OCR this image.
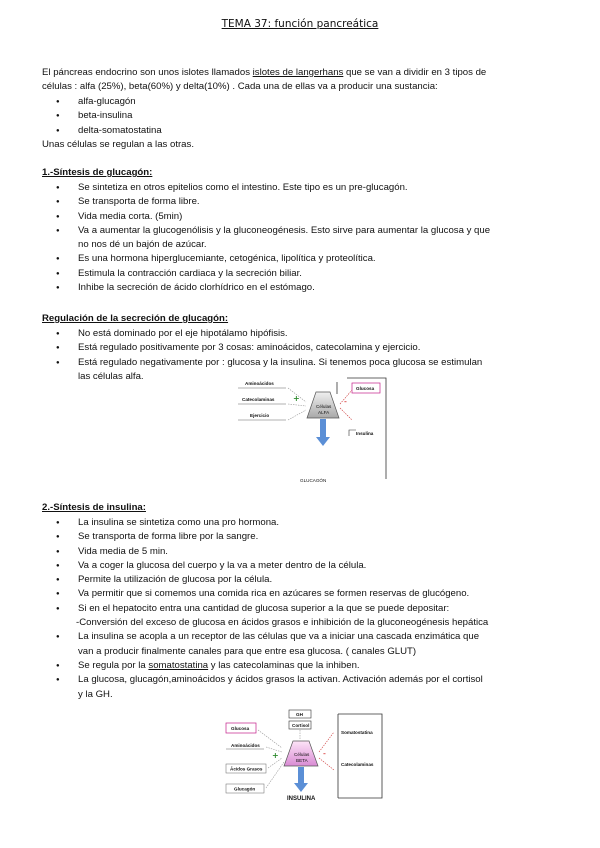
TEMA 37: función pancreática
El páncreas endocrino son unos islotes llamados islotes de langerhans que se van a dividir en 3 tipos de
células : alfa (25%), beta(60%) y delta(10%) . Cada una de ellas va a producir una sustancia:
● alfa-glucagón
● beta-insulina
● delta-somatostatina
Unas células se regulan a las otras.
1.-Síntesis de glucagón:
● Se sintetiza en otros epitelios como el intestino. Este tipo es un pre-glucagón.
● Se transporta de forma libre.
● Vida media corta. (5min)
● Va a aumentar la glucogenólisis y la gluconeogénesis. Esto sirve para aumentar la glucosa y que
no nos dé un bajón de azúcar.
● Es una hormona hiperglucemiante, cetogénica, lipolítica y proteolítica.
● Estimula la contracción cardiaca y la secreción biliar.
● Inhibe la secreción de ácido clorhídrico en el estómago.
Regulación de la secreción de glucagón:
● No está dominado por el eje hipotálamo hipófisis.
● Está regulado positivamente por 3 cosas: aminoácidos, catecolamina y ejercicio.
● Está regulado negativamente por : glucosa y la insulina. Si tenemos poca glucosa se estimulan
las células alfa.
Aminoácidos
Catecolaminas
Ejercicio
+
Células
ALFA
-
Glucosa
Insulina
GLUCAGÓN
2.-Síntesis de insulina:
● La insulina se sintetiza como una pro hormona.
● Se transporta de forma libre por la sangre.
● Vida media de 5 min.
● Va a coger la glucosa del cuerpo y la va a meter dentro de la célula.
● Permite la utilización de glucosa por la célula.
● Va permitir que si comemos una comida rica en azúcares se formen reservas de glucógeno.
● Si en el hepatocito entra una cantidad de glucosa superior a la que se puede depositar:
-Conversión del exceso de glucosa en ácidos grasos e inhibición de la gluconeogénesis hepática
● La insulina se acopla a un receptor de las células que va a iniciar una cascada enzimática que
van a producir finalmente canales para que entre esa glucosa. ( canales GLUT)
● Se regula por la somatostatina y las catecolaminas que la inhiben.
● La glucosa, glucagón,aminoácidos y ácidos grasos la activan. Activación además por el cortisol
y la GH.
Glucosa
Aminoácidos
Ácidos Grasos
Glucagón
GH
Cortisol
+	Células
BETA
-
Somatostatina
Catecolaminas
INSULINA
